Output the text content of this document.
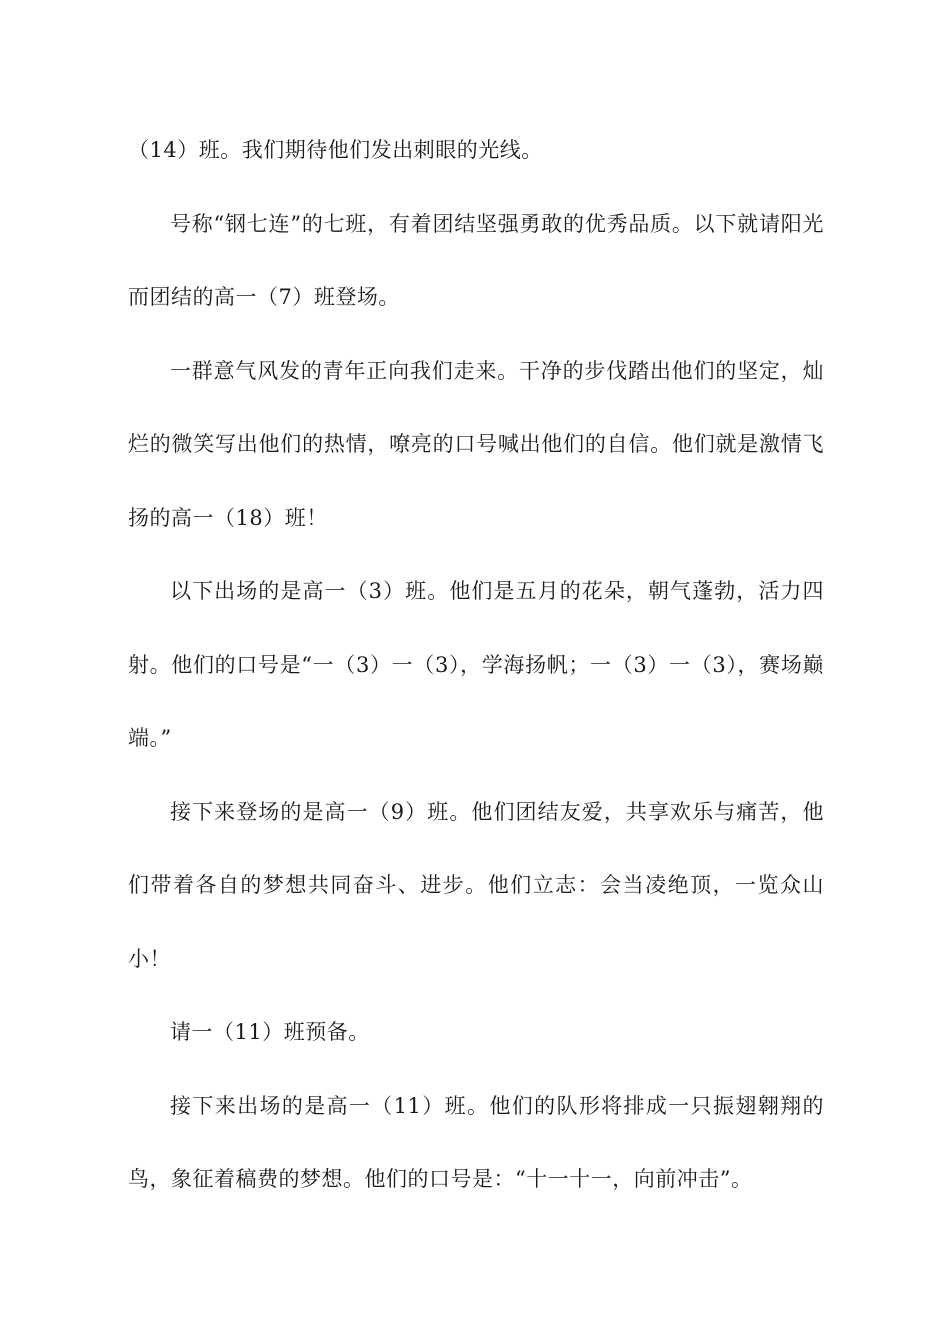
（14）班。我们期待他们发出刺眼的光线。

号称“钢七连”的七班，有着团结坚强勇敢的优秀品质。以下就请阳光而团结的高一（7）班登场。

一群意气风发的青年正向我们走来。干净的步伐踏出他们的坚定，灿烂的微笑写出他们的热情，嘹亮的口号喊出他们的自信。他们就是激情飞扬的高一（18）班！

以下出场的是高一（3）班。他们是五月的花朵，朝气蓬勃，活力四射。他们的口号是“一（3）一（3），学海扬帆；一（3）一（3），赛场巅端。”

接下来登场的是高一（9）班。他们团结友爱，共享欢乐与痛苦，他们带着各自的梦想共同奋斗、进步。他们立志：会当凌绝顶，一览众山小！

请一（11）班预备。

接下来出场的是高一（11）班。他们的队形将排成一只振翅翱翔的鸟，象征着稿费的梦想。他们的口号是：“十一十一，向前冲击”。
